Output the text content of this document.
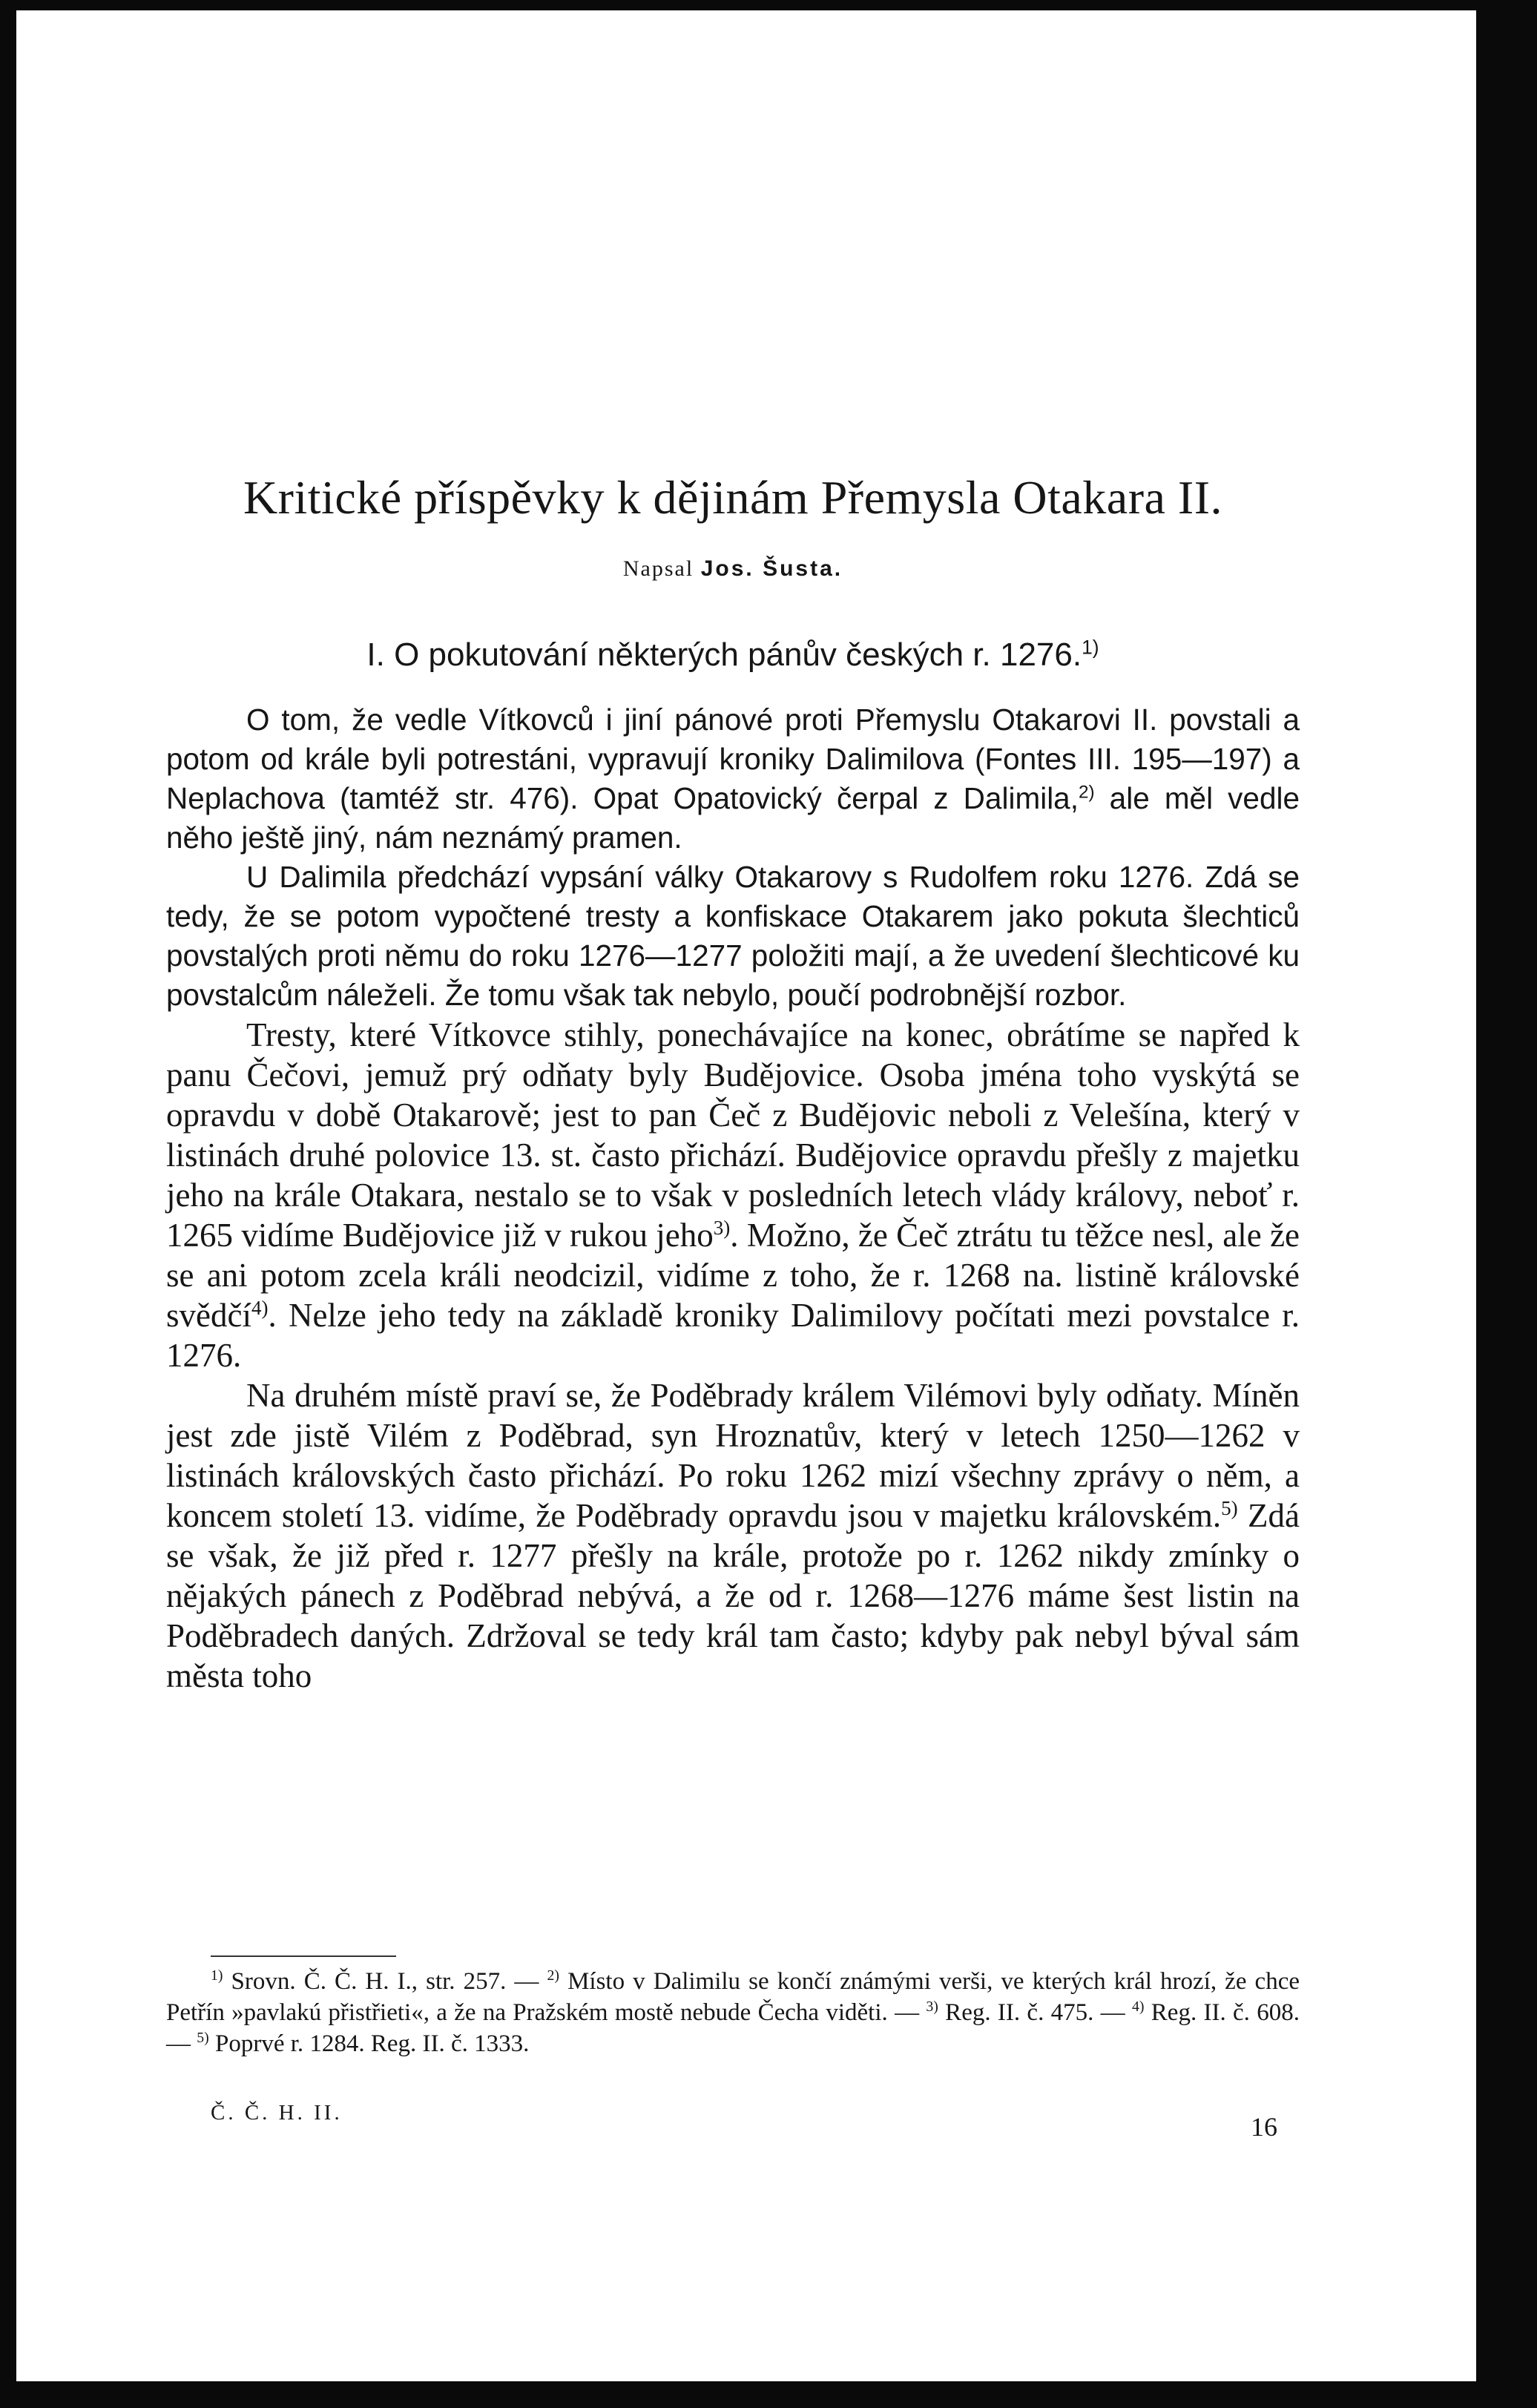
Kritické příspěvky k dějinám Přemysla Otakara II.
Napsal Jos. Šusta.
I. O pokutování některých pánův českých r. 1276.$^{1)}$

O tom, že vedle Vítkovců i jiní pánové proti Přemyslu Otakarovi II. povstali a potom od krále byli potrestáni, vypravují kroniky Dalimilova (Fontes III. 195—197) a Neplachova (tamtéž str. 476). Opat Opatovický čerpal z Dalimila,$^{2)}$ ale měl vedle něho ještě jiný, nám neznámý pramen.

U Dalimila předchází vypsání války Otakarovy s Rudolfem roku 1276. Zdá se tedy, že se potom vypočtené tresty a konfiskace Otakarem jako pokuta šlechticů povstalých proti němu do roku 1276—1277 položiti mají, a že uvedení šlechticové ku povstalcům náleželi. Že tomu však tak nebylo, poučí podrobnější rozbor.

Tresty, které Vítkovce stihly, ponechávajíce na konec, obrátíme se napřed k panu Čečovi, jemuž prý odňaty byly Budějovice. Osoba jména toho vyskýtá se opravdu v době Otakarově; jest to pan Čeč z Budějovic neboli z Velešína, který v listinách druhé polovice 13. st. často přichází. Budějovice opravdu přešly z majetku jeho na krále Otakara, nestalo se to však v posledních letech vlády královy, neboť r. 1265 vidíme Budějovice již v rukou jeho$^{3)}$. Možno, že Čeč ztrátu tu těžce nesl, ale že se ani potom zcela králi neodcizil, vidíme z toho, že r. 1268 na. listině královské svědčí$^{4)}$. Nelze jeho tedy na základě kroniky Dalimilovy počítati mezi povstalce r. 1276.

Na druhém místě praví se, že Poděbrady králem Vilémovi byly odňaty. Míněn jest zde jistě Vilém z Poděbrad, syn Hroznatův, který v letech 1250—1262 v listinách královských často přichází. Po roku 1262 mizí všechny zprávy o něm, a koncem století 13. vidíme, že Poděbrady opravdu jsou v majetku královském.$^{5)}$ Zdá se však, že již před r. 1277 přešly na krále, protože po r. 1262 nikdy zmínky o nějakých pánech z Poděbrad nebývá, a že od r. 1268—1276 máme šest listin na Poděbradech daných. Zdržoval se tedy král tam často; kdyby pak nebyl býval sám města toho

$^{1)}$ Srovn. Č. Č. H. I., str. 257. — $^{2)}$ Místo v Dalimilu se končí známými verši, ve kterých král hrozí, že chce Petřín »pavlakú přistřieti«, a že na Pražském mostě nebude Čecha viděti. — $^{3)}$ Reg. II. č. 475. — $^{4)}$ Reg. II. č. 608. — $^{5)}$ Poprvé r. 1284. Reg. II. č. 1333.

Č. Č. H. II.	16
